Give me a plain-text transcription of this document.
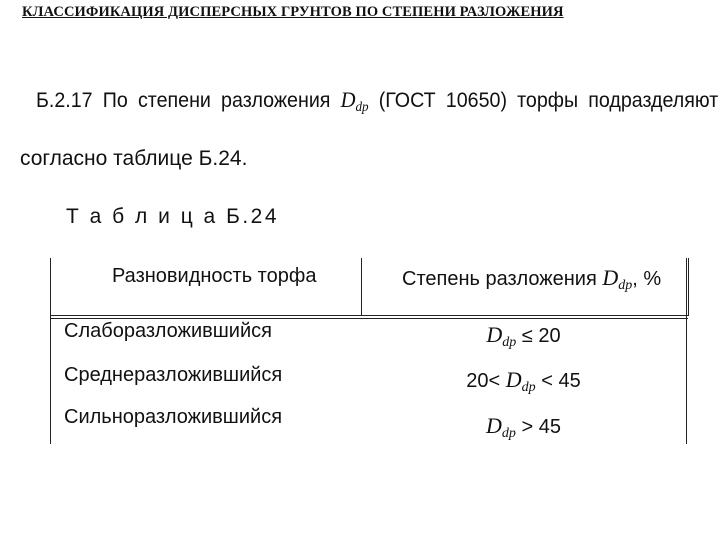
КЛАССИФИКАЦИЯ ДИСПЕРСНЫХ ГРУНТОВ ПО СТЕПЕНИ РАЗЛОЖЕНИЯ
Б.2.17 По степени разложения $D_{dp}$ (ГОСТ 10650) торфы подразделяют
согласно таблице Б.24.
Т а б л и ц а Б.24
Разновидность торфа	Степень разложения $D_{dp}$, %
Слаборазложившийся	$D_{dp} \le 20$
Среднеразложившийся	$20< D_{dp} < 45$
Сильноразложившийся	$D_{dp} > 45$
